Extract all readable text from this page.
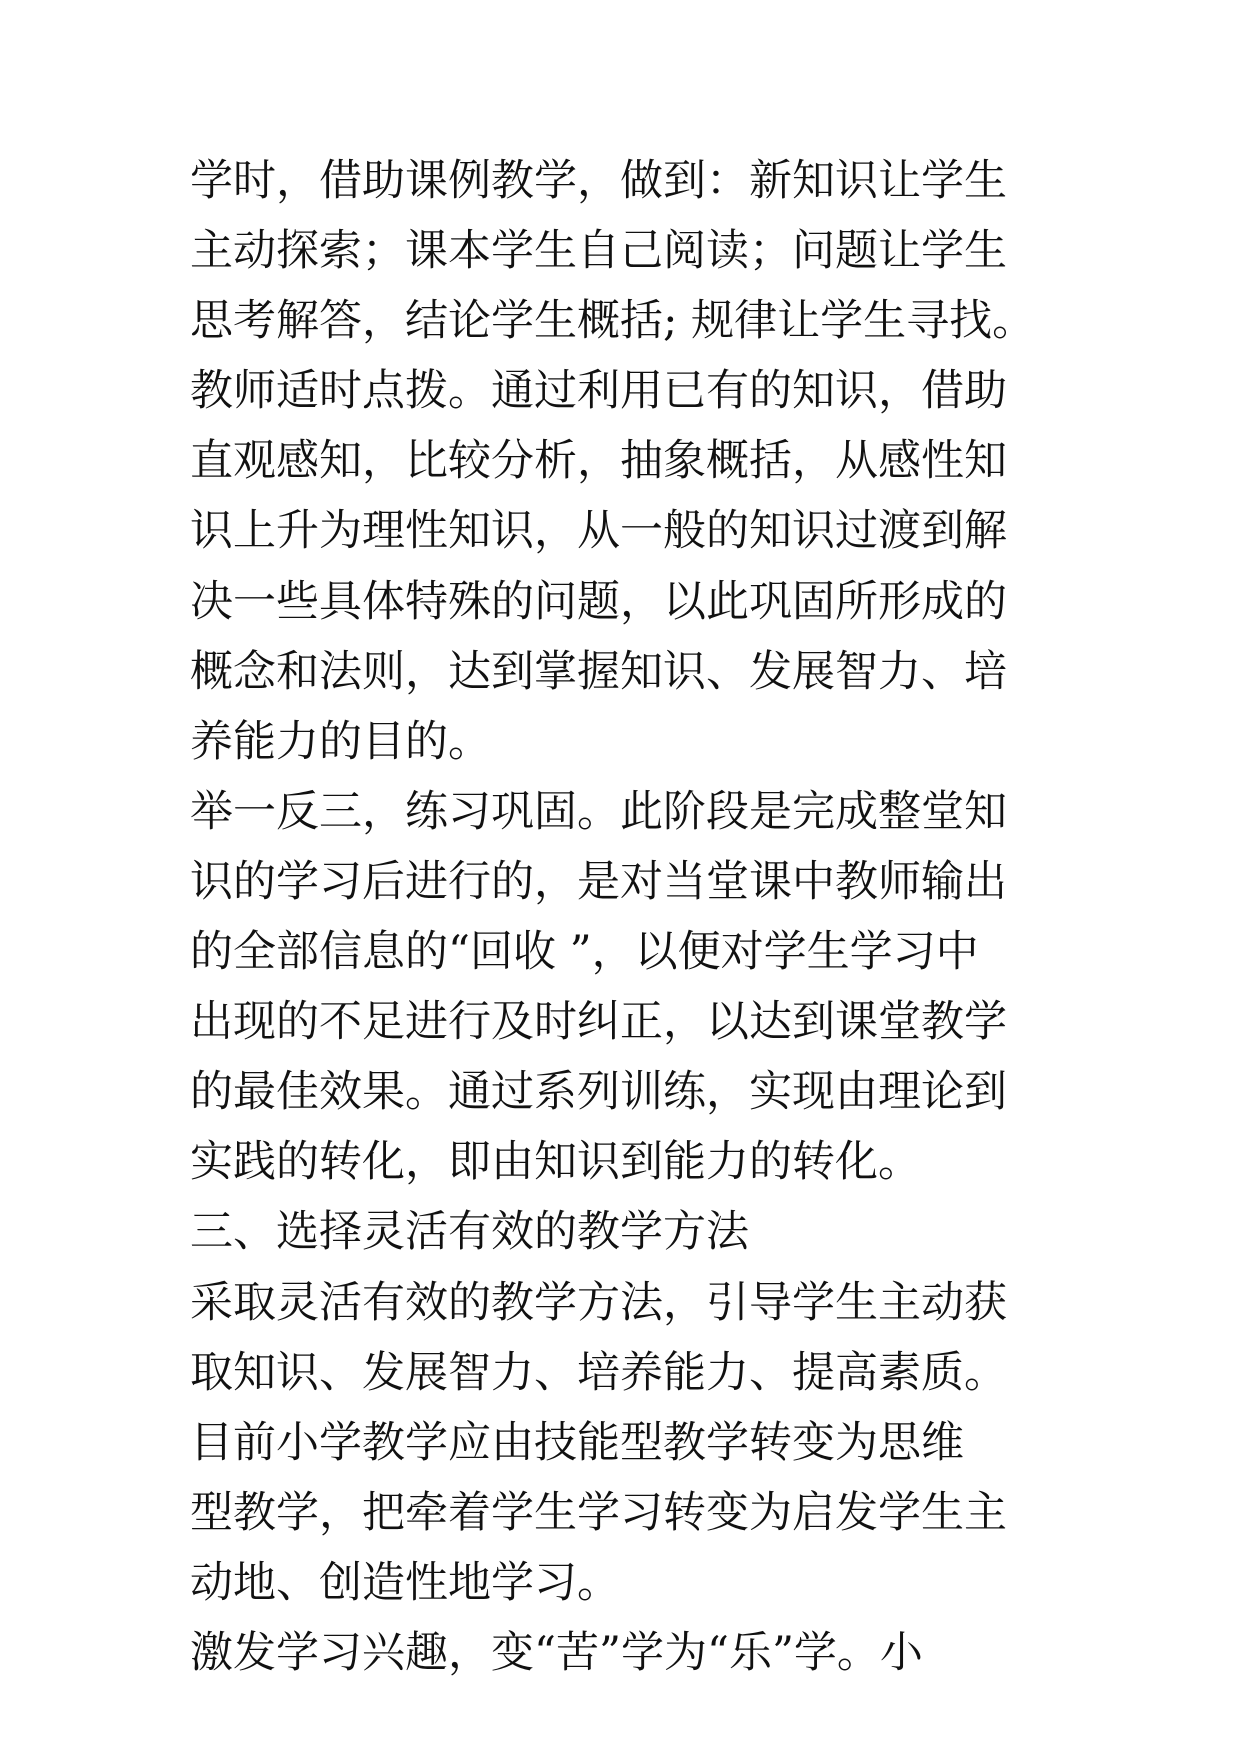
学时，借助课例教学，做到：新知识让学生
主动探索；课本学生自己阅读；问题让学生
思考解答，结论学生概括; 规律让学生寻找。
教师适时点拨。通过利用已有的知识，借助
直观感知，比较分析，抽象概括，从感性知
识上升为理性知识，从一般的知识过渡到解
决一些具体特殊的问题，以此巩固所形成的
概念和法则，达到掌握知识、发展智力、培
养能力的目的。
举一反三，练习巩固。此阶段是完成整堂知
识的学习后进行的，是对当堂课中教师输出
的全部信息的“回收 ”，以便对学生学习中
出现的不足进行及时纠正，以达到课堂教学
的最佳效果。通过系列训练，实现由理论到
实践的转化，即由知识到能力的转化。
三、选择灵活有效的教学方法
采取灵活有效的教学方法，引导学生主动获
取知识、发展智力、培养能力、提高素质。
目前小学教学应由技能型教学转变为思维
型教学，把牵着学生学习转变为启发学生主
动地、创造性地学习。
激发学习兴趣，变“苦”学为“乐”学。小
